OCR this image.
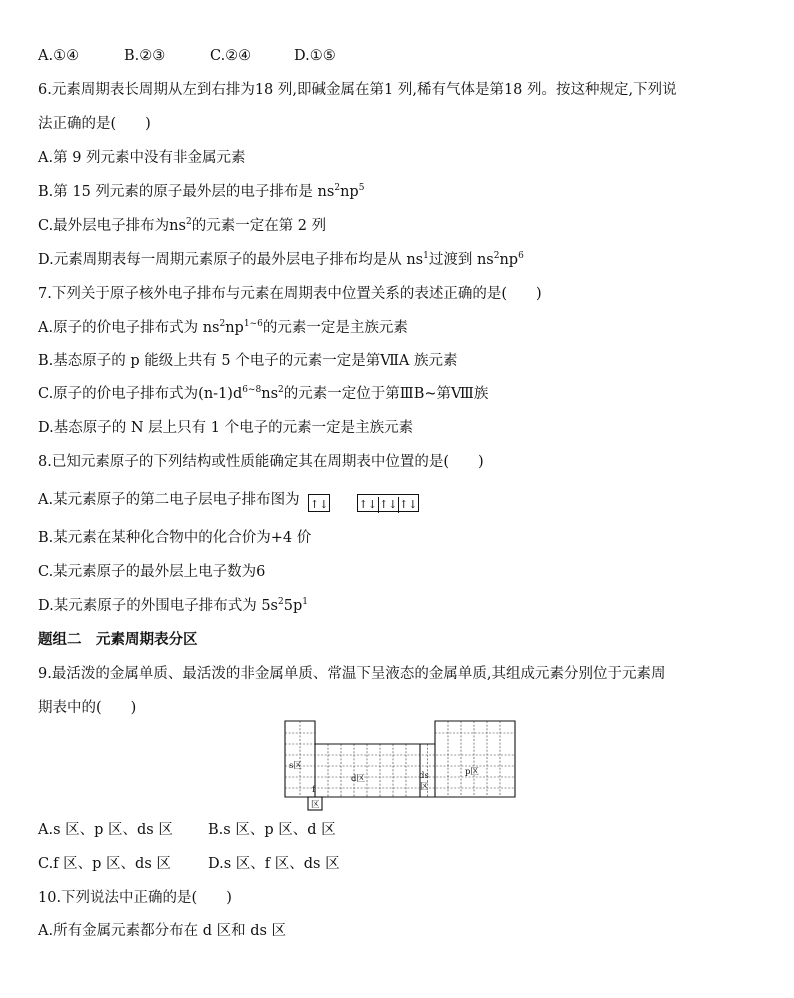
A.①④	B.②③	C.②④	D.①⑤
6.元素周期表长周期从左到右排为18 列,即碱金属在第1 列,稀有气体是第18 列。按这种规定,下列说
法正确的是(　　)
A.第 9 列元素中没有非金属元素
B.第 15 列元素的原子最外层的电子排布是 $ns^2np^5$
C.最外层电子排布为$ns^2$的元素一定在第 2 列
D.元素周期表每一周期元素原子的最外层电子排布均是从 $ns^1$过渡到 $ns^2np^6$
7.下列关于原子核外电子排布与元素在周期表中位置关系的表述正确的是(　　)
A.原子的价电子排布式为 $ns^2np^{1\sim 6}$的元素一定是主族元素
B.基态原子的 p 能级上共有 5 个电子的元素一定是第ⅦA 族元素
C.原子的价电子排布式为$(n-1)d^{6\sim 8}ns^2$的元素一定位于第ⅢB~第Ⅷ族
D.基态原子的 N 层上只有 1 个电子的元素一定是主族元素
8.已知元素原子的下列结构或性质能确定其在周期表中位置的是(　　)
A.某元素原子的第二电子层电子排布图为 ↑↓	↑↓ ↑↓ ↑↓
B.某元素在某种化合物中的化合价为+4 价
C.某元素原子的最外层上电子数为6
D.某元素原子的外围电子排布式为 $5s^25p^1$
题组二　元素周期表分区
9.最活泼的金属单质、最活泼的非金属单质、常温下呈液态的金属单质,其组成元素分别位于元素周
期表中的(　　)
s区
d区	ds
区
p区
f
区
A.s 区、p 区、ds 区 B.s 区、p 区、d 区
C.f 区、p 区、ds 区	D.s 区、f 区、ds 区
10.下列说法中正确的是(　　)
A.所有金属元素都分布在 d 区和 ds 区
